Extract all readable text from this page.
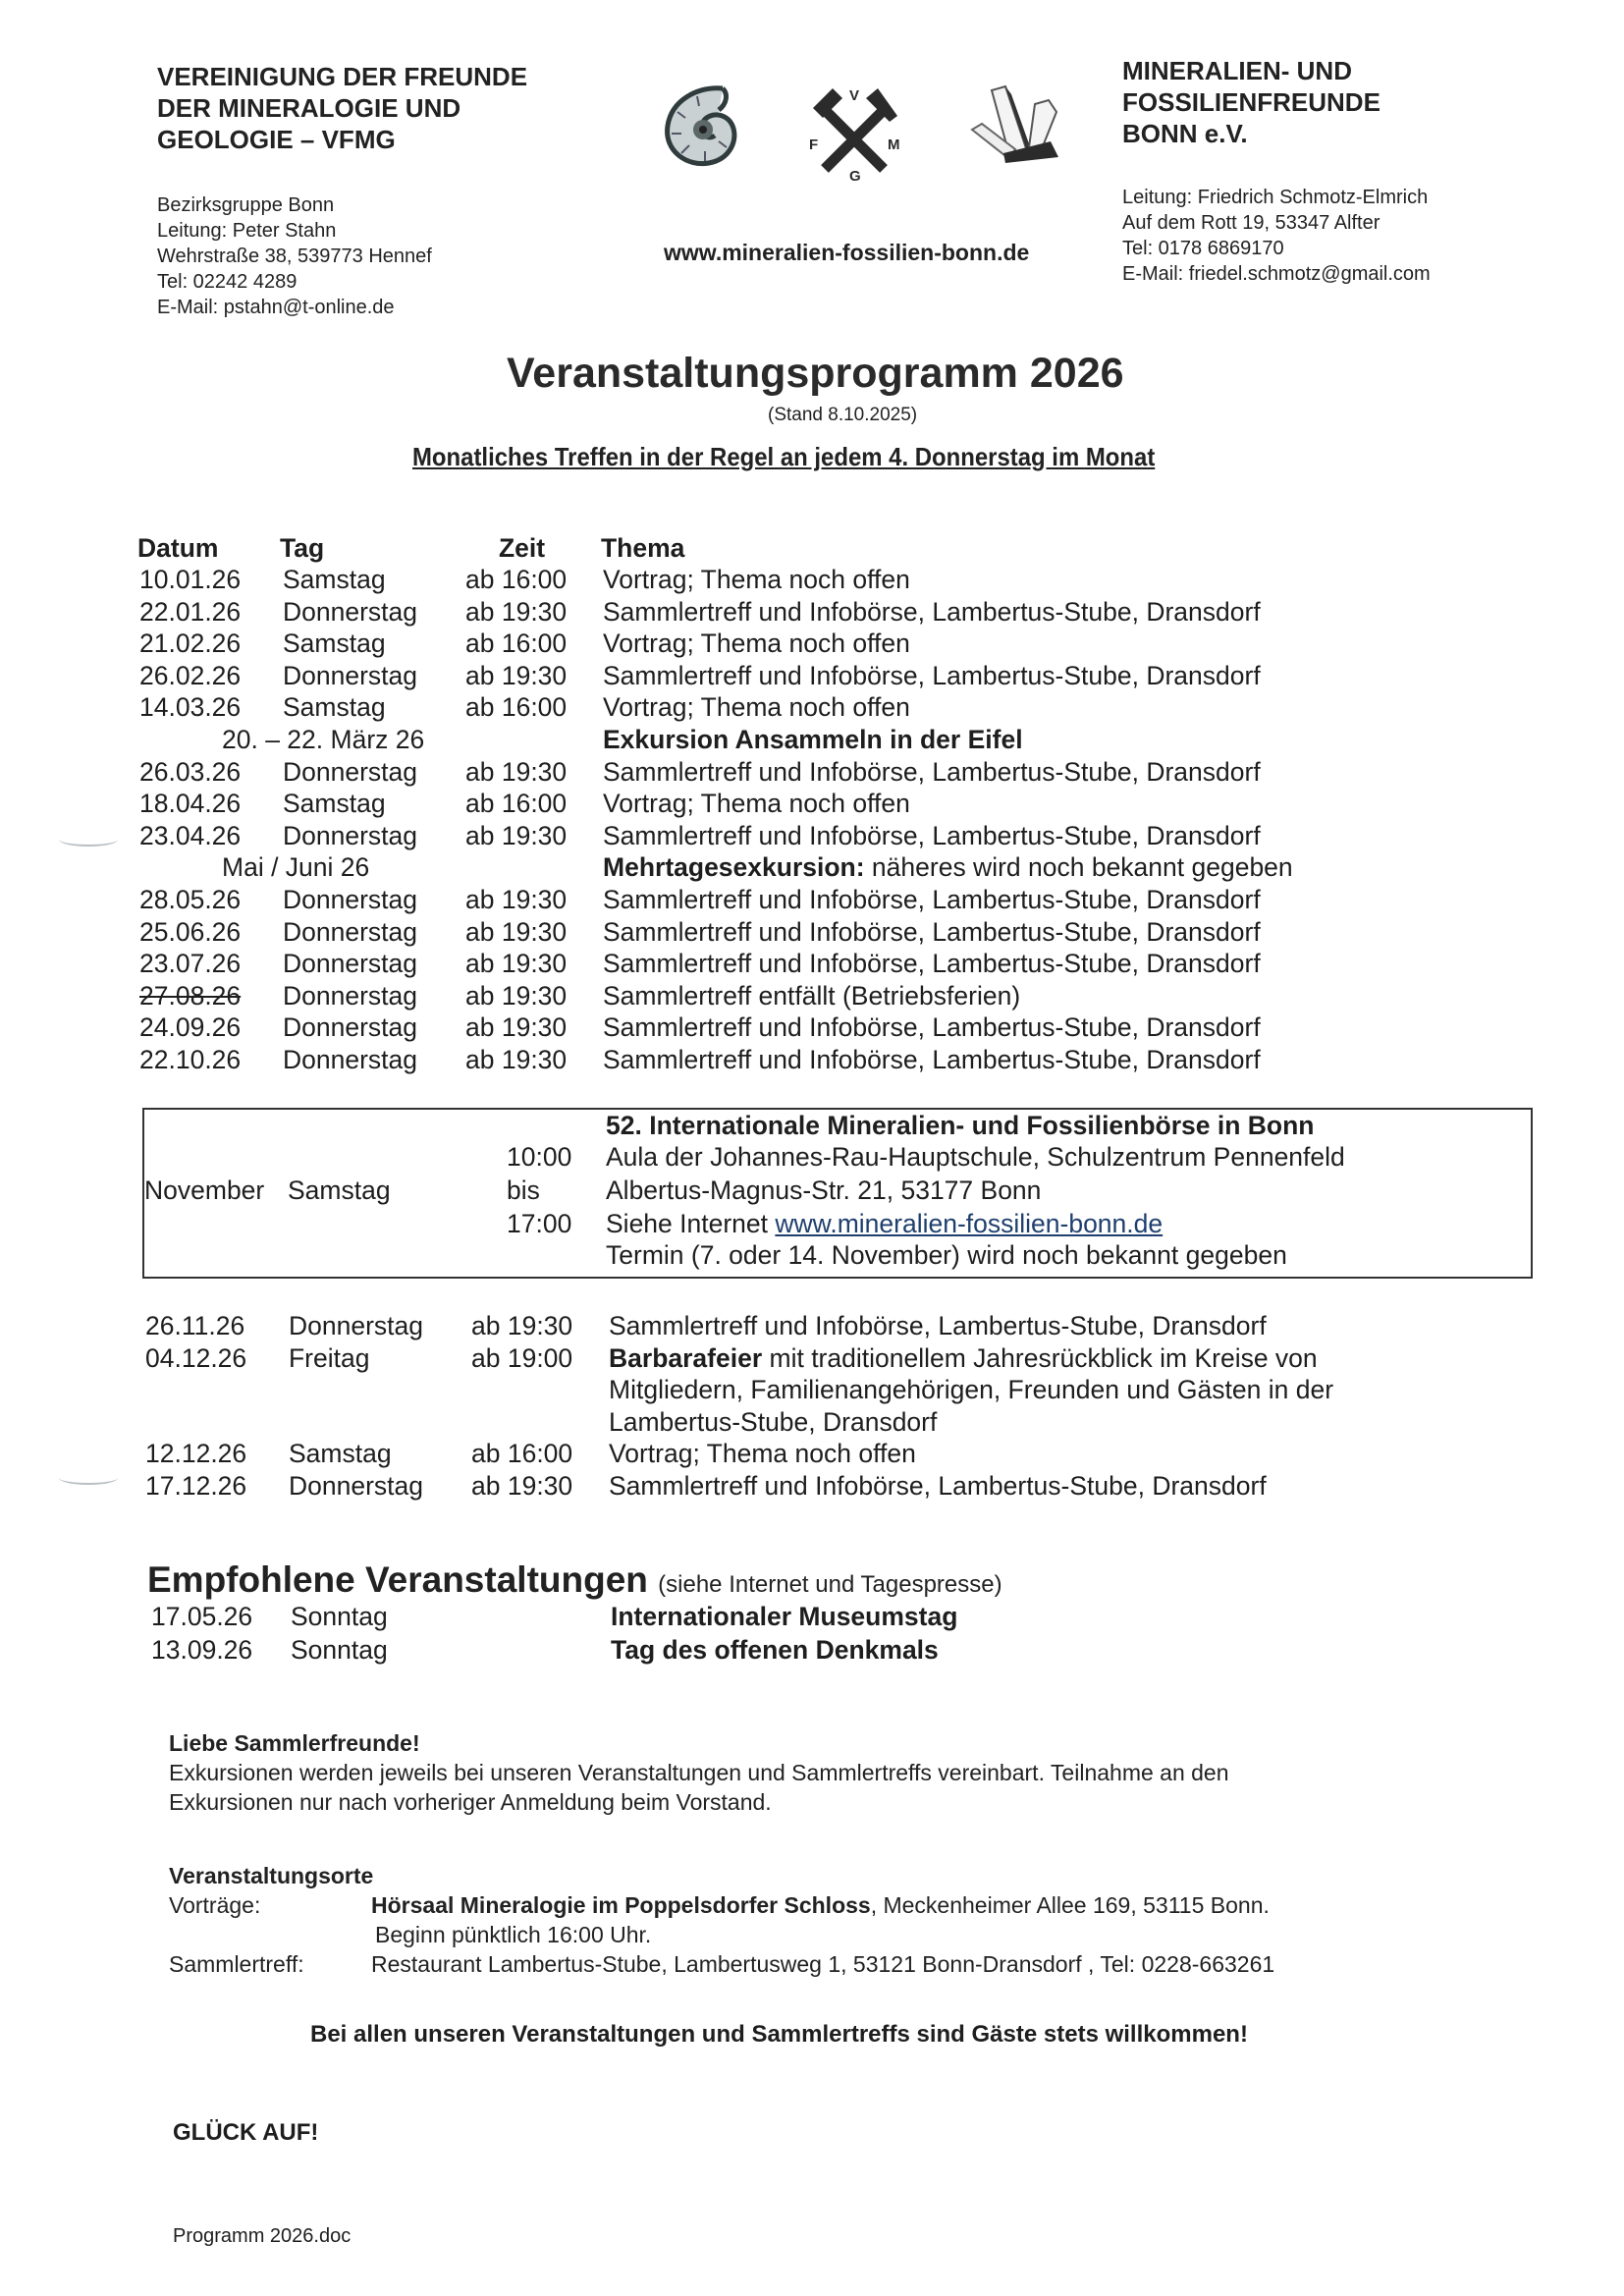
VEREINIGUNG DER FREUNDE
DER MINERALOGIE UND
GEOLOGIE – VFMG
Bezirksgruppe Bonn
Leitung: Peter Stahn
Wehrstraße 38, 539773 Hennef
Tel: 02242 4289
E-Mail: pstahn@t-online.de
V
F	M
G
www.mineralien-fossilien-bonn.de
MINERALIEN- UND
FOSSILIENFREUNDE
BONN e.V.
Leitung: Friedrich Schmotz-Elmrich
Auf dem Rott 19, 53347 Alfter
Tel: 0178 6869170
E-Mail: friedel.schmotz@gmail.com
Veranstaltungsprogramm 2026
(Stand 8.10.2025)
Monatliches Treffen in der Regel an jedem 4. Donnerstag im Monat
Datum Tag	Zeit Thema
10.01.26 Samstag	ab 16:00 Vortrag; Thema noch offen
22.01.26 Donnerstag ab 19:30 Sammlertreff und Infobörse, Lambertus-Stube, Dransdorf
21.02.26 Samstag	ab 16:00 Vortrag; Thema noch offen
26.02.26 Donnerstag ab 19:30 Sammlertreff und Infobörse, Lambertus-Stube, Dransdorf
14.03.26 Samstag	ab 16:00 Vortrag; Thema noch offen
20. – 22. März 26	Exkursion Ansammeln in der Eifel
26.03.26 Donnerstag ab 19:30 Sammlertreff und Infobörse, Lambertus-Stube, Dransdorf
18.04.26 Samstag	ab 16:00 Vortrag; Thema noch offen
23.04.26 Donnerstag ab 19:30 Sammlertreff und Infobörse, Lambertus-Stube, Dransdorf
Mai / Juni 26	Mehrtagesexkursion: näheres wird noch bekannt gegeben
28.05.26 Donnerstag ab 19:30 Sammlertreff und Infobörse, Lambertus-Stube, Dransdorf
25.06.26 Donnerstag ab 19:30 Sammlertreff und Infobörse, Lambertus-Stube, Dransdorf
23.07.26 Donnerstag ab 19:30 Sammlertreff und Infobörse, Lambertus-Stube, Dransdorf
27.08.26 Donnerstag ab 19:30 Sammlertreff entfällt (Betriebsferien)
24.09.26 Donnerstag ab 19:30 Sammlertreff und Infobörse, Lambertus-Stube, Dransdorf
22.10.26 Donnerstag ab 19:30 Sammlertreff und Infobörse, Lambertus-Stube, Dransdorf
November Samstag
10:00
bis
17:00
52. Internationale Mineralien- und Fossilienbörse in Bonn
Aula der Johannes-Rau-Hauptschule, Schulzentrum Pennenfeld
Albertus-Magnus-Str. 21, 53177 Bonn
Siehe Internet www.mineralien-fossilien-bonn.de
Termin (7. oder 14. November) wird noch bekannt gegeben
26.11.26 Donnerstag ab 19:30 Sammlertreff und Infobörse, Lambertus-Stube, Dransdorf
04.12.26 Freitag	ab 19:00 Barbarafeier mit traditionellem Jahresrückblick im Kreise von
Mitgliedern, Familienangehörigen, Freunden und Gästen in der
Lambertus-Stube, Dransdorf
12.12.26 Samstag	ab 16:00 Vortrag; Thema noch offen
17.12.26 Donnerstag ab 19:30 Sammlertreff und Infobörse, Lambertus-Stube, Dransdorf
Empfohlene Veranstaltungen (siehe Internet und Tagespresse)
17.05.26 Sonntag	Internationaler Museumstag
13.09.26 Sonntag	Tag des offenen Denkmals
Liebe Sammlerfreunde!
Exkursionen werden jeweils bei unseren Veranstaltungen und Sammlertreffs vereinbart. Teilnahme an den
Exkursionen nur nach vorheriger Anmeldung beim Vorstand.
Veranstaltungsorte
Vorträge:	Hörsaal Mineralogie im Poppelsdorfer Schloss, Meckenheimer Allee 169, 53115 Bonn.
Beginn pünktlich 16:00 Uhr.
Sammlertreff:	Restaurant Lambertus-Stube, Lambertusweg 1, 53121 Bonn-Dransdorf , Tel: 0228-663261
Bei allen unseren Veranstaltungen und Sammlertreffs sind Gäste stets willkommen!
GLÜCK AUF!
Programm 2026.doc
